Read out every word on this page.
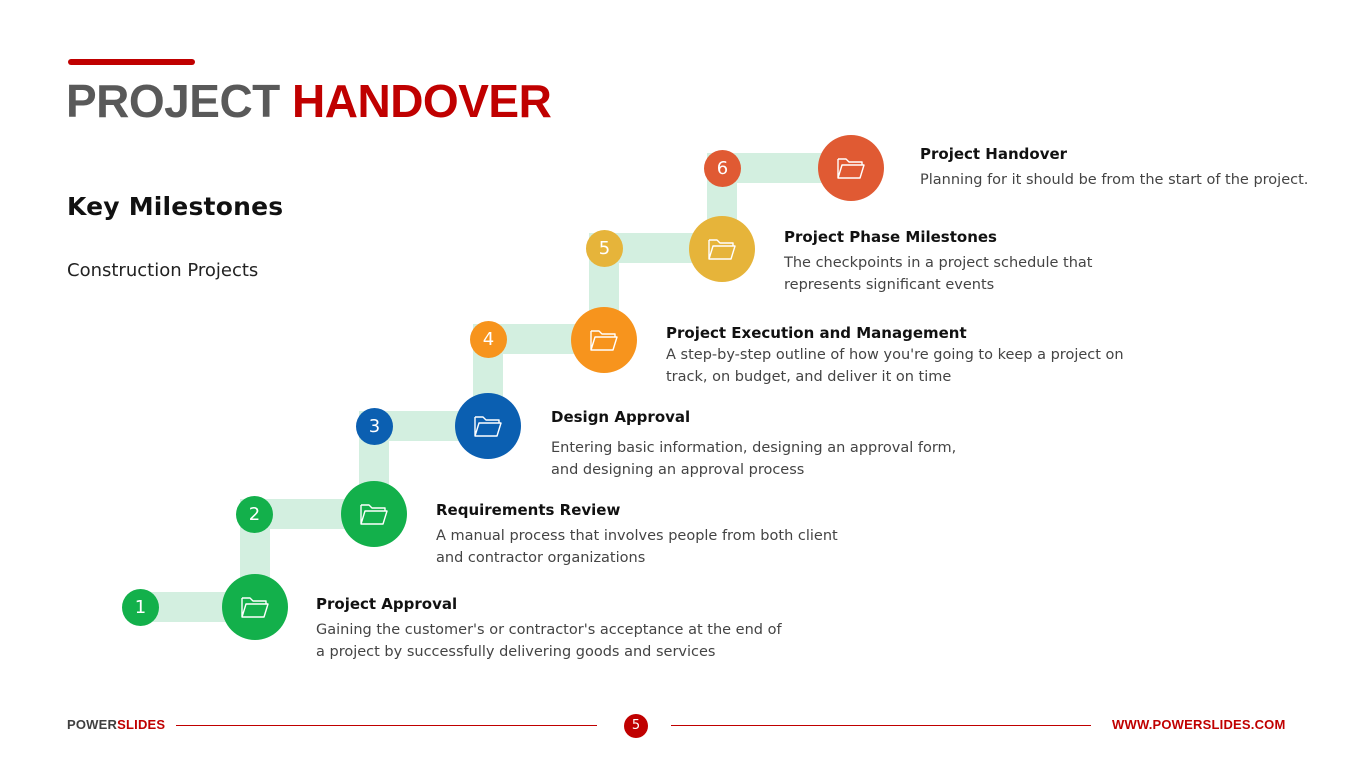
PROJECT HANDOVER
Key Milestones
Construction Projects
1	Project Approval
Gaining the customer's or contractor's acceptance at the end of a project by successfully delivering goods and services
2	Requirements Review
A manual process that involves people from both client and contractor organizations
3	Design Approval
Entering basic information, designing an approval form, and designing an approval process
4	Project Execution and Management
A step-by-step outline of how you're going to keep a project on track, on budget, and deliver it on time
5
Project Phase Milestones
The checkpoints in a project schedule that represents significant events
6
Project Handover
Planning for it should be from the start of the project.
POWERSLIDES	5	WWW.POWERSLIDES.COM
